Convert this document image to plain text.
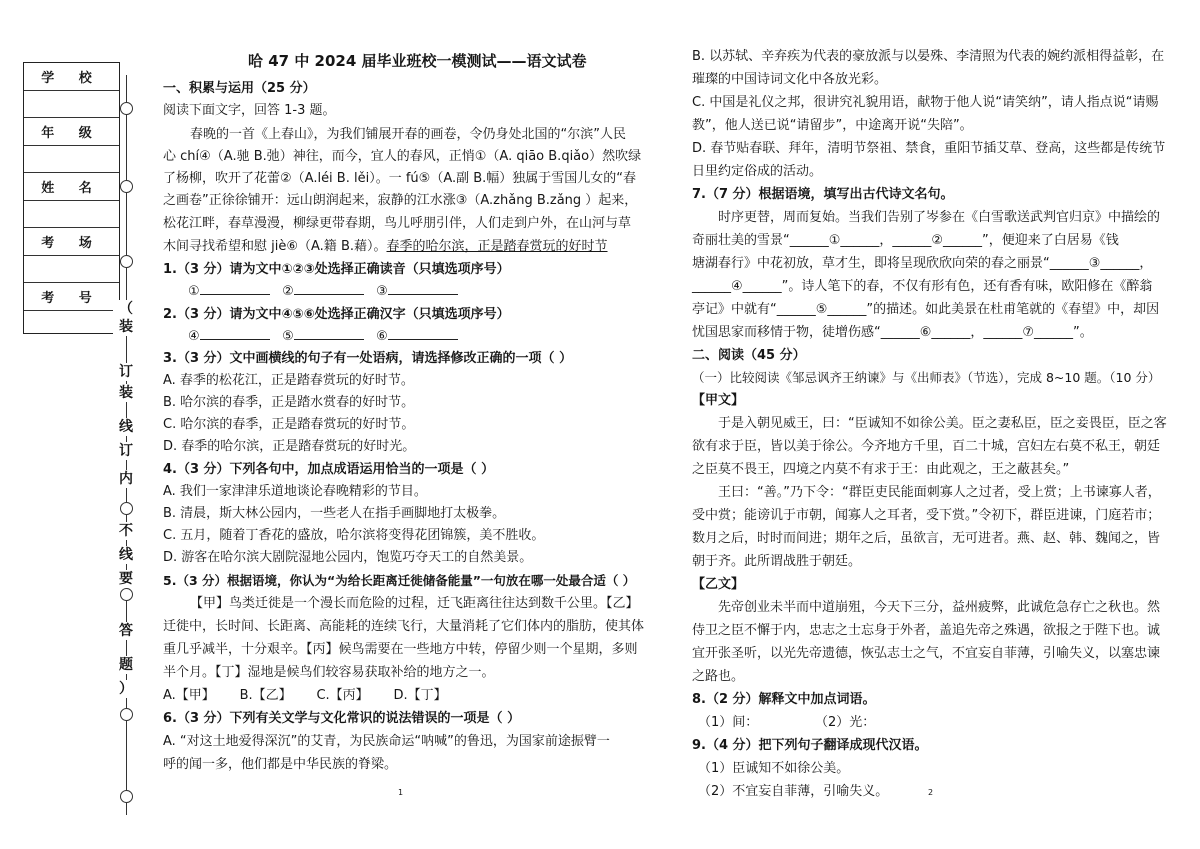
学 校
年 级
姓 名
考 场
考 号
（
装
订
装
线
订
内
不
线
要
答
题
）
哈 47 中 2024 届毕业班校一模测试——语文试卷
一、积累与运用（25 分）
阅读下面文字，回答 1-3 题。
春晚的一首《上春山》，为我们铺展开春的画卷，令仍身处北国的“尔滨”人民
心 chí④（A.驰 B.弛）神往，而今，宜人的春风，正悄①（A. qiāo B.qiǎo）然吹绿
了杨柳，吹开了花蕾②（A.léi B. lěi）。一 fú⑤（A.副 B.幅）独属于雪国儿女的“春
之画卷”正徐徐铺开：远山朗润起来，寂静的江水涨③（A.zhǎng B.zǎng ）起来，
松花江畔，春草漫漫，柳绿更带春期，鸟儿呼朋引伴，人们走到户外，在山河与草
木间寻找希望和慰 jiè⑥（A.籍 B.藉）。春季的哈尔滨，正是踏春赏玩的好时节
1.（3 分）请为文中①②③处选择正确读音（只填选项序号）
①	②	③
2.（3 分）请为文中④⑤⑥处选择正确汉字（只填选项序号）
④	⑤	⑥
3.（3 分）文中画横线的句子有一处语病，请选择修改正确的一项（ ）
A. 春季的松花江，正是踏春赏玩的好时节。
B. 哈尔滨的春季，正是踏水赏春的好时节。
C. 哈尔滨的春季，正是踏春赏玩的好时节。
D. 春季的哈尔滨，正是踏春赏玩的好时光。
4.（3 分）下列各句中，加点成语运用恰当的一项是（ ）
A. 我们一家津津乐道地谈论春晚精彩的节目。
B. 清晨，斯大林公园内，一些老人在指手画脚地打太极拳。
C. 五月，随着丁香花的盛放，哈尔滨将变得花团锦簇，美不胜收。
D. 游客在哈尔滨大剧院湿地公园内，饱览巧夺天工的自然美景。
5.（3 分）根据语境，你认为“为给长距离迁徙储备能量”一句放在哪一处最合适（ ）
【甲】鸟类迁徙是一个漫长而危险的过程，迁飞距离往往达到数千公里。【乙】
迁徙中，长时间、长距离、高能耗的连续飞行，大量消耗了它们体内的脂肪，使其体
重几乎减半，十分艰辛。【丙】候鸟需要在一些地方中转，停留少则一个星期，多则
半个月。【丁】湿地是候鸟们较容易获取补给的地方之一。
A.【甲】 B.【乙】 C.【丙】 D.【丁】
6.（3 分）下列有关文学与文化常识的说法错误的一项是（ ）
A. “对这土地爱得深沉”的艾青，为民族命运“呐喊”的鲁迅，为国家前途振臂一
呼的闻一多，他们都是中华民族的脊梁。
1
B. 以苏轼、辛弃疾为代表的豪放派与以晏殊、李清照为代表的婉约派相得益彰，在
璀璨的中国诗词文化中各放光彩。
C. 中国是礼仪之邦，很讲究礼貌用语，献物于他人说“请笑纳”，请人指点说“请赐
教”，他人送已说“请留步”，中途离开说“失陪”。
D. 春节贴春联、拜年，清明节祭祖、禁食，重阳节插艾草、登高，这些都是传统节
日里约定俗成的活动。
7.（7 分）根据语境，填写出古代诗文名句。
时序更替，周而复始。当我们告别了岑参在《白雪歌送武判官归京》中描绘的
奇丽壮美的雪景“______①______，______②______”，便迎来了白居易《钱
塘湖春行》中花初放，草才生，即将呈现欣欣向荣的春之丽景“______③______，
______④______”。诗人笔下的春，不仅有形有色，还有香有味，欧阳修在《醉翁
亭记》中就有“______⑤______”的描述。如此美景在杜甫笔就的《春望》中，却因
忧国思家而移情于物，徒增伤感“______⑥______，______⑦______”。
二、阅读（45 分）
（一）比较阅读《邹忌讽齐王纳谏》与《出师表》（节选），完成 8~10 题。（10 分）
【甲文】
于是入朝见威王，曰：“臣诚知不如徐公美。臣之妻私臣，臣之妾畏臣，臣之客
欲有求于臣，皆以美于徐公。今齐地方千里，百二十城，宫妇左右莫不私王，朝廷
之臣莫不畏王，四境之内莫不有求于王：由此观之，王之蔽甚矣。”
王曰：“善。”乃下令：“群臣吏民能面刺寡人之过者，受上赏；上书谏寡人者，
受中赏；能谤讥于市朝，闻寡人之耳者，受下赏。”令初下，群臣进谏，门庭若市；
数月之后，时时而间进；期年之后，虽欲言，无可进者。燕、赵、韩、魏闻之，皆
朝于齐。此所谓战胜于朝廷。
【乙文】
先帝创业未半而中道崩殂，今天下三分，益州疲弊，此诚危急存亡之秋也。然
侍卫之臣不懈于内，忠志之士忘身于外者，盖追先帝之殊遇，欲报之于陛下也。诚
宜开张圣听，以光先帝遗德，恢弘志士之气，不宜妄自菲薄，引喻失义，以塞忠谏
之路也。
8.（2 分）解释文中加点词语。
（1）间：	（2）光：
9.（4 分）把下列句子翻译成现代汉语。
（1）臣诚知不如徐公美。
（2）不宜妄自菲薄，引喻失义。	2
